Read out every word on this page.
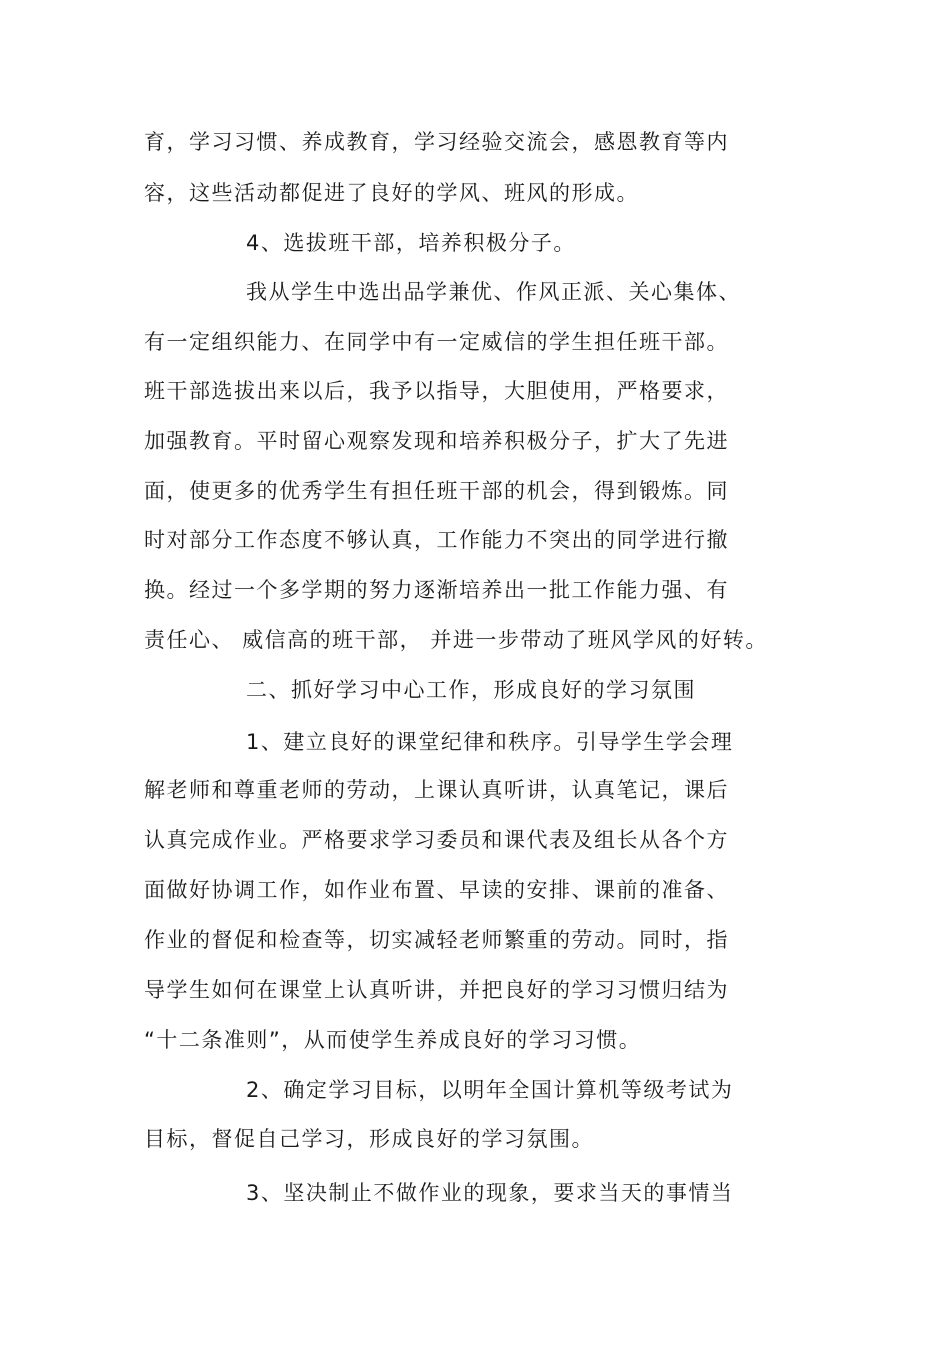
育，学习习惯、养成教育，学习经验交流会，感恩教育等内
容，这些活动都促进了良好的学风、班风的形成。
4、选拔班干部，培养积极分子。
我从学生中选出品学兼优、作风正派、关心集体、
有一定组织能力、在同学中有一定威信的学生担任班干部。
班干部选拔出来以后，我予以指导，大胆使用，严格要求，
加强教育。平时留心观察发现和培养积极分子，扩大了先进
面，使更多的优秀学生有担任班干部的机会，得到锻炼。同
时对部分工作态度不够认真，工作能力不突出的同学进行撤
换。经过一个多学期的努力逐渐培养出一批工作能力强、有
责任心、 威信高的班干部， 并进一步带动了班风学风的好转。
二、抓好学习中心工作，形成良好的学习氛围
1、建立良好的课堂纪律和秩序。引导学生学会理
解老师和尊重老师的劳动，上课认真听讲，认真笔记，课后
认真完成作业。严格要求学习委员和课代表及组长从各个方
面做好协调工作，如作业布置、早读的安排、课前的准备、
作业的督促和检查等，切实减轻老师繁重的劳动。同时，指
导学生如何在课堂上认真听讲，并把良好的学习习惯归结为
“十二条准则”，从而使学生养成良好的学习习惯。
2、确定学习目标，以明年全国计算机等级考试为
目标，督促自己学习，形成良好的学习氛围。
3、坚决制止不做作业的现象，要求当天的事情当
